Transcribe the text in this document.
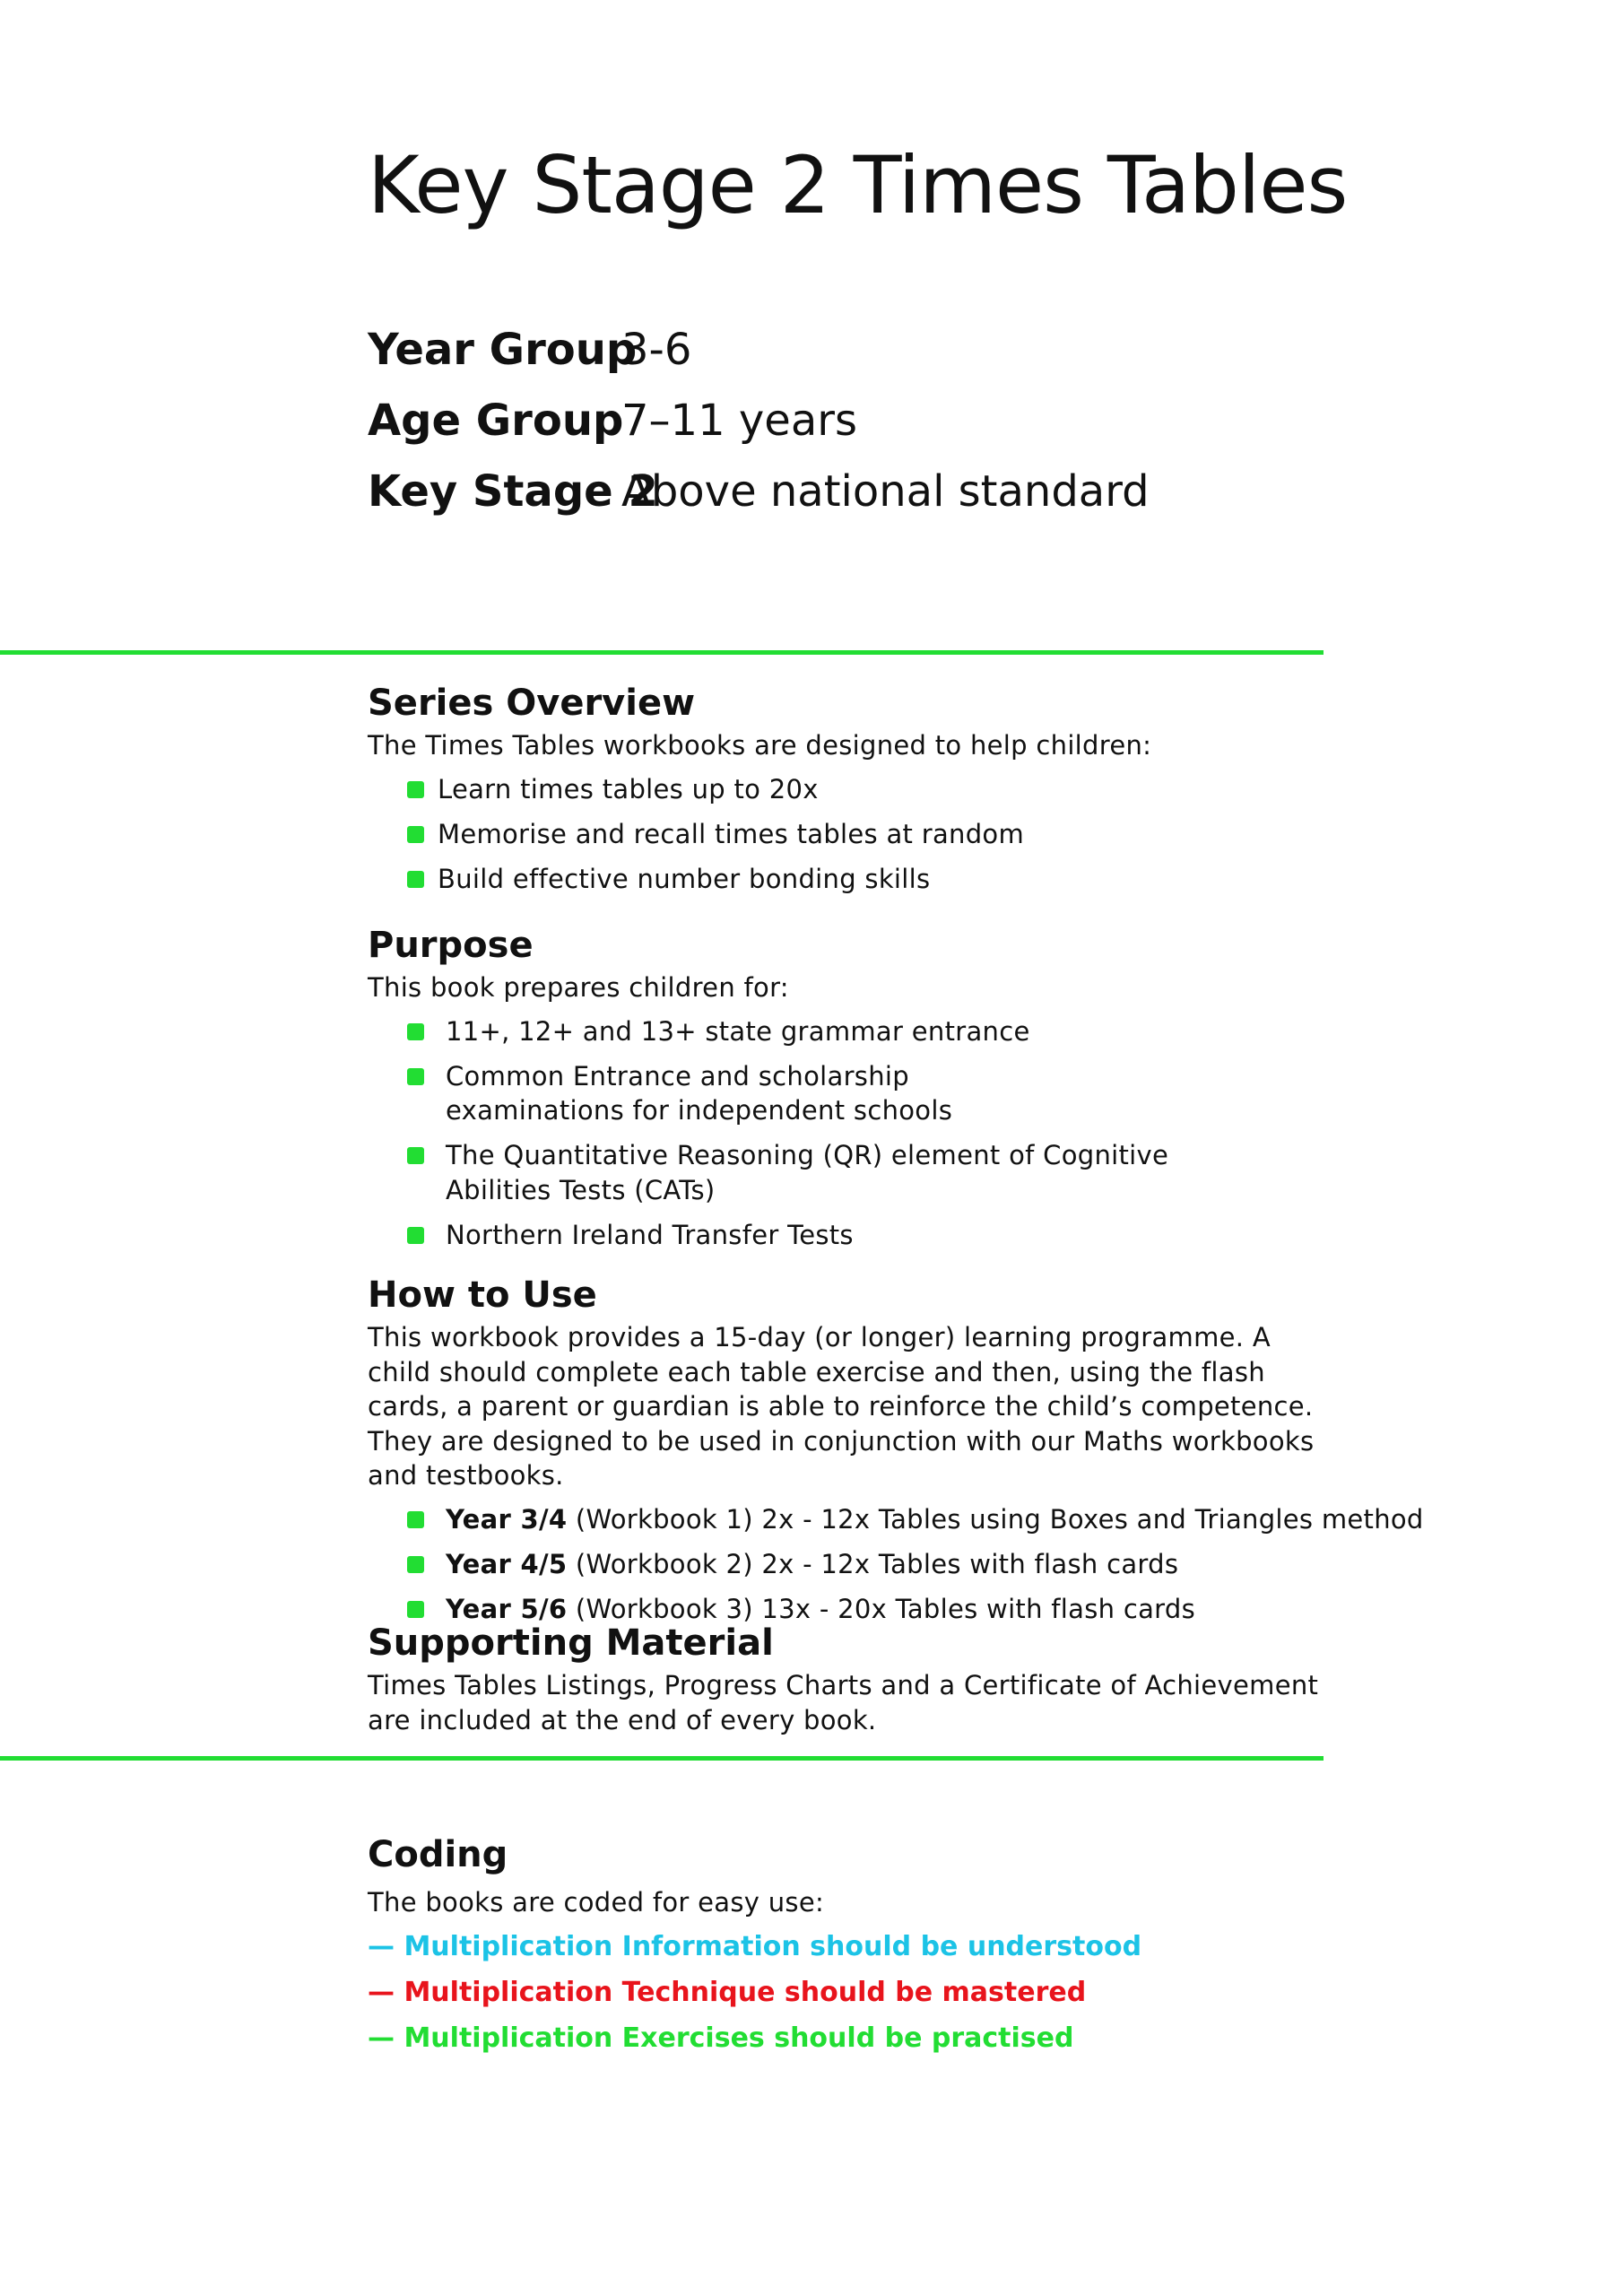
Key Stage 2 Times Tables
Year Group
3-6
Age Group
7–11 years
Key Stage 2
Above national standard
Series Overview

The Times Tables workbooks are designed to help children:

Learn times tables up to 20x
Memorise and recall times tables at random
Build effective number bonding skills
Purpose

This book prepares children for:

11+, 12+ and 13+ state grammar entrance
Common Entrance and scholarship examinations for independent schools
The Quantitative Reasoning (QR) element of Cognitive Abilities Tests (CATs)
Northern Ireland Transfer Tests
How to Use

This workbook provides a 15-day (or longer) learning programme. A child should complete each table exercise and then, using the flash cards, a parent or guardian is able to reinforce the child’s competence. They are designed to be used in conjunction with our Maths workbooks and testbooks.

Year 3/4 (Workbook 1) 2x - 12x Tables using Boxes and Triangles method
Year 4/5 (Workbook 2) 2x - 12x Tables with flash cards
Year 5/6 (Workbook 3) 13x - 20x Tables with flash cards
Supporting Material

Times Tables Listings, Progress Charts and a Certificate of Achievement are included at the end of every book.

Coding

The books are coded for easy use:

— Multiplication Information should be understood
— Multiplication Technique should be mastered
— Multiplication Exercises should be practised
